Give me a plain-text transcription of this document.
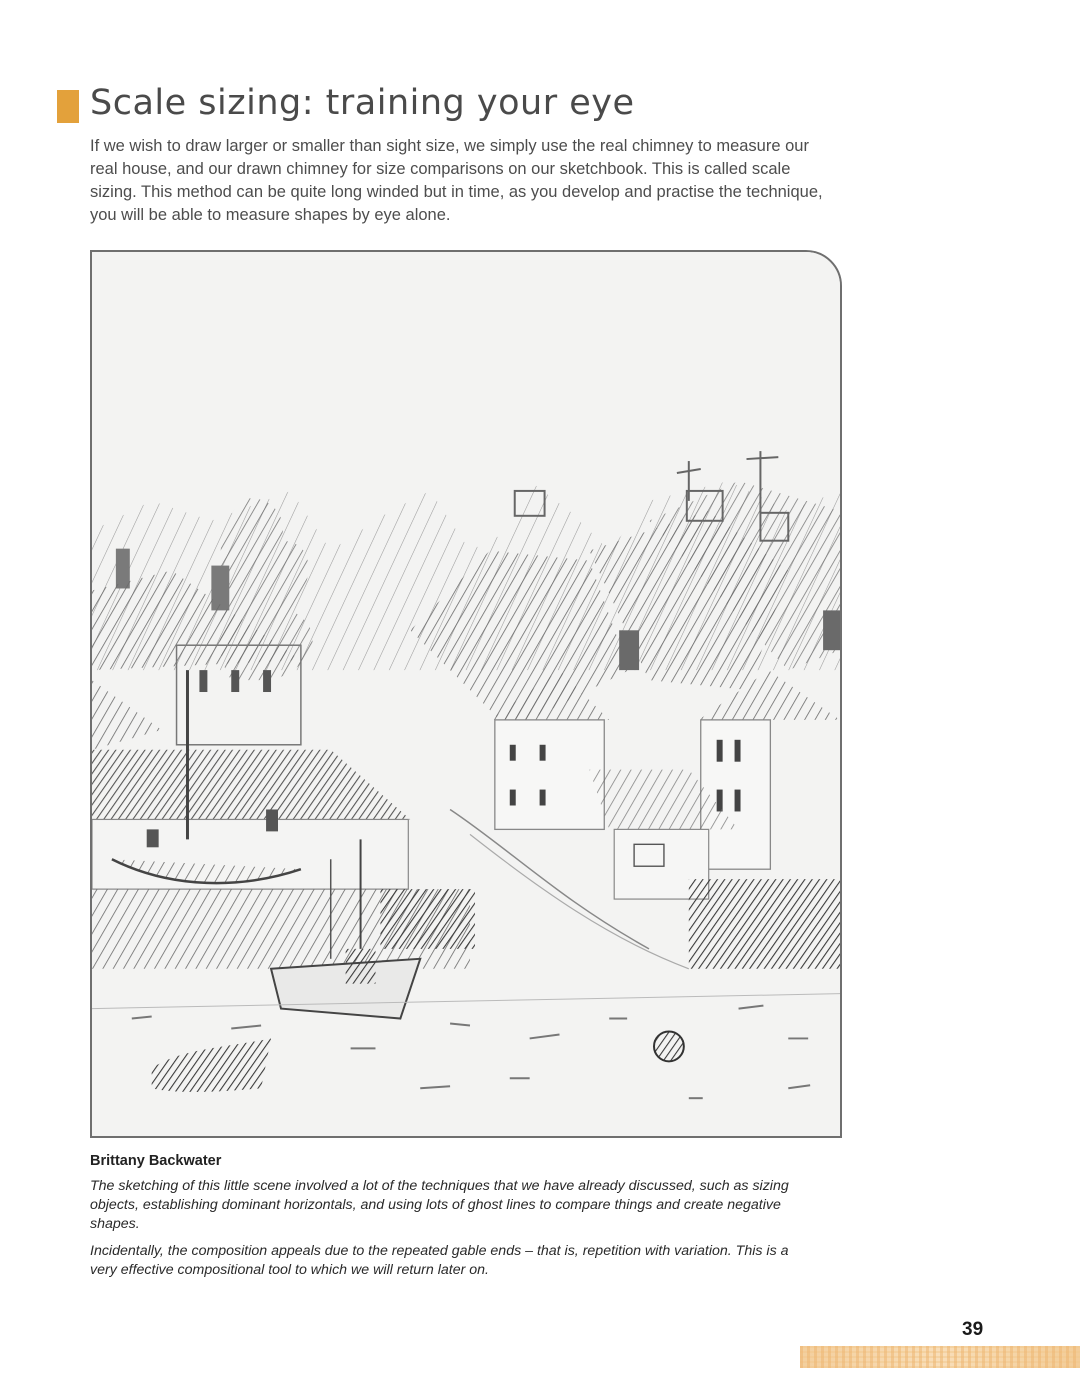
Scale sizing: training your eye

If we wish to draw larger or smaller than sight size, we simply use the real chimney to measure our real house, and our drawn chimney for size comparisons on our sketchbook. This is called scale sizing. This method can be quite long winded but in time, as you develop and practise the technique, you will be able to measure shapes by eye alone.

Brittany Backwater

The sketching of this little scene involved a lot of the techniques that we have already discussed, such as sizing objects, establishing dominant horizontals, and using lots of ghost lines to compare things and create negative shapes.

Incidentally, the composition appeals due to the repeated gable ends – that is, repetition with variation. This is a very effective compositional tool to which we will return later on.

39
